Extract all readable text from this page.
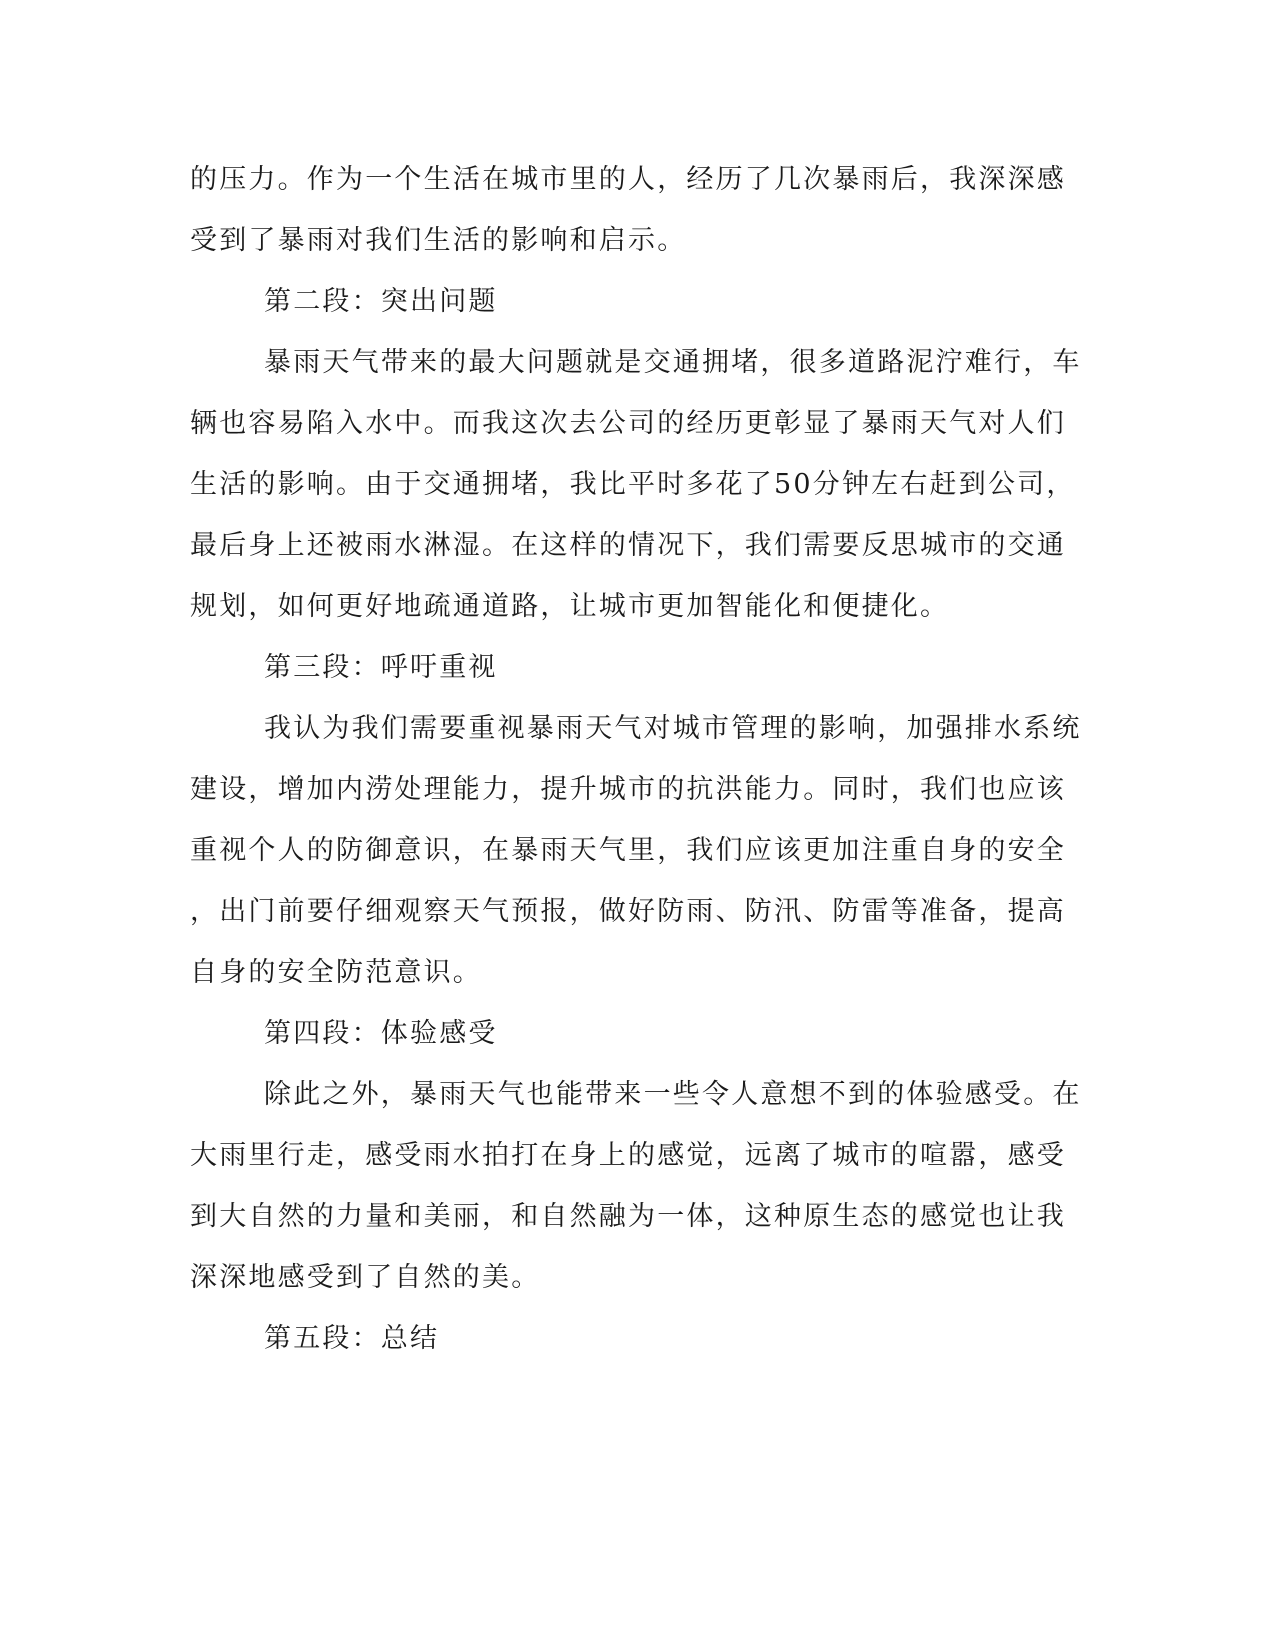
的压力。作为一个生活在城市里的人，经历了几次暴雨后，我深深感
受到了暴雨对我们生活的影响和启示。
第二段：突出问题
暴雨天气带来的最大问题就是交通拥堵，很多道路泥泞难行，车
辆也容易陷入水中。而我这次去公司的经历更彰显了暴雨天气对人们
生活的影响。由于交通拥堵，我比平时多花了50分钟左右赶到公司，
最后身上还被雨水淋湿。在这样的情况下，我们需要反思城市的交通
规划，如何更好地疏通道路，让城市更加智能化和便捷化。
第三段：呼吁重视
我认为我们需要重视暴雨天气对城市管理的影响，加强排水系统
建设，增加内涝处理能力，提升城市的抗洪能力。同时，我们也应该
重视个人的防御意识，在暴雨天气里，我们应该更加注重自身的安全
，出门前要仔细观察天气预报，做好防雨、防汛、防雷等准备，提高
自身的安全防范意识。
第四段：体验感受
除此之外，暴雨天气也能带来一些令人意想不到的体验感受。在
大雨里行走，感受雨水拍打在身上的感觉，远离了城市的喧嚣，感受
到大自然的力量和美丽，和自然融为一体，这种原生态的感觉也让我
深深地感受到了自然的美。
第五段：总结
